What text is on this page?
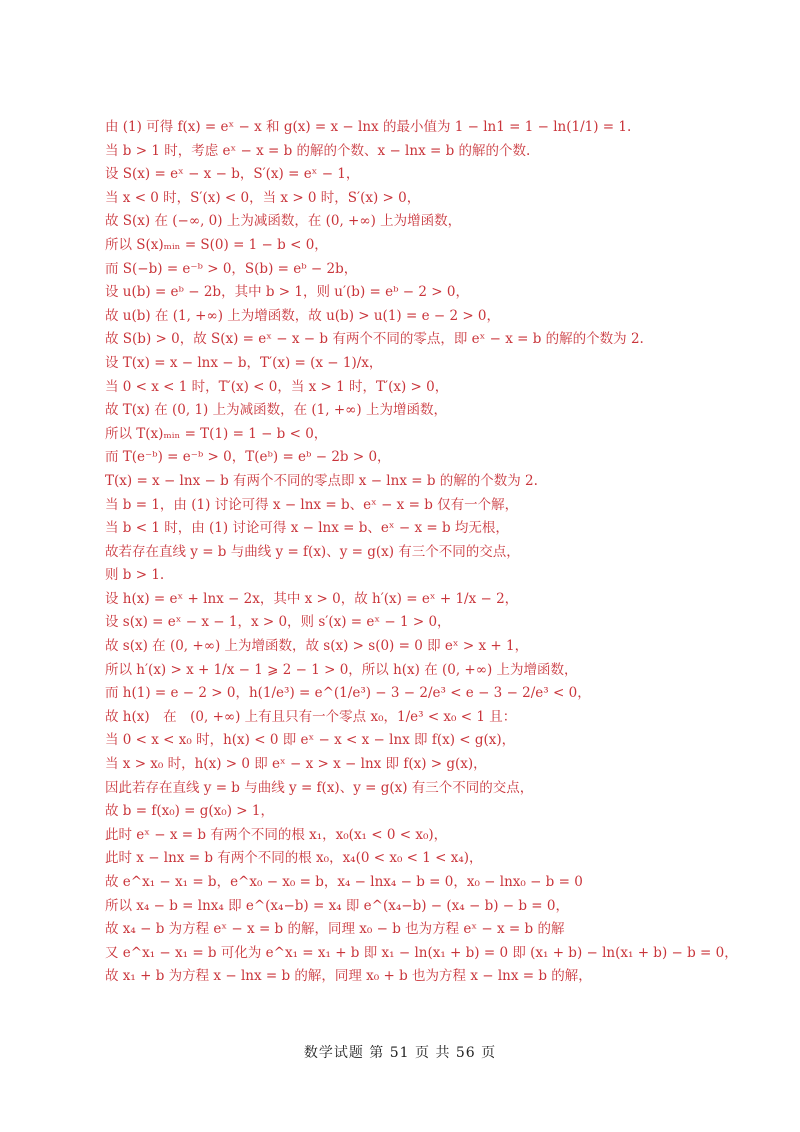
由 (1) 可得 f(x) = eˣ − x 和 g(x) = x − lnx 的最小值为 1 − ln1 = 1 − ln(1/1) = 1.
当 b > 1 时，考虑 eˣ − x = b 的解的个数、x − lnx = b 的解的个数.
设 S(x) = eˣ − x − b，S′(x) = eˣ − 1，
当 x < 0 时，S′(x) < 0，当 x > 0 时，S′(x) > 0，
故 S(x) 在 (−∞, 0) 上为减函数，在 (0, +∞) 上为增函数，
所以 S(x)ₘᵢₙ = S(0) = 1 − b < 0，
而 S(−b) = e⁻ᵇ > 0，S(b) = eᵇ − 2b，
设 u(b) = eᵇ − 2b，其中 b > 1，则 u′(b) = eᵇ − 2 > 0，
故 u(b) 在 (1, +∞) 上为增函数，故 u(b) > u(1) = e − 2 > 0，
故 S(b) > 0，故 S(x) = eˣ − x − b 有两个不同的零点，即 eˣ − x = b 的解的个数为 2.
设 T(x) = x − lnx − b，T′(x) = (x − 1)/x，
当 0 < x < 1 时，T′(x) < 0，当 x > 1 时，T′(x) > 0，
故 T(x) 在 (0, 1) 上为减函数，在 (1, +∞) 上为增函数，
所以 T(x)ₘᵢₙ = T(1) = 1 − b < 0，
而 T(e⁻ᵇ) = e⁻ᵇ > 0，T(eᵇ) = eᵇ − 2b > 0，
T(x) = x − lnx − b 有两个不同的零点即 x − lnx = b 的解的个数为 2.
当 b = 1，由 (1) 讨论可得 x − lnx = b、eˣ − x = b 仅有一个解，
当 b < 1 时，由 (1) 讨论可得 x − lnx = b、eˣ − x = b 均无根，
故若存在直线 y = b 与曲线 y = f(x)、y = g(x) 有三个不同的交点，
则 b > 1.
设 h(x) = eˣ + lnx − 2x，其中 x > 0，故 h′(x) = eˣ + 1/x − 2，
设 s(x) = eˣ − x − 1，x > 0，则 s′(x) = eˣ − 1 > 0，
故 s(x) 在 (0, +∞) 上为增函数，故 s(x) > s(0) = 0 即 eˣ > x + 1，
所以 h′(x) > x + 1/x − 1 ⩾ 2 − 1 > 0，所以 h(x) 在 (0, +∞) 上为增函数，
而 h(1) = e − 2 > 0，h(1/e³) = e^(1/e³) − 3 − 2/e³ < e − 3 − 2/e³ < 0，
故 h(x)　在　(0, +∞) 上有且只有一个零点 x₀，1/e³ < x₀ < 1 且：
当 0 < x < x₀ 时，h(x) < 0 即 eˣ − x < x − lnx 即 f(x) < g(x)，
当 x > x₀ 时，h(x) > 0 即 eˣ − x > x − lnx 即 f(x) > g(x)，
因此若存在直线 y = b 与曲线 y = f(x)、y = g(x) 有三个不同的交点，
故 b = f(x₀) = g(x₀) > 1，
此时 eˣ − x = b 有两个不同的根 x₁，x₀(x₁ < 0 < x₀)，
此时 x − lnx = b 有两个不同的根 x₀，x₄(0 < x₀ < 1 < x₄)，
故 e^x₁ − x₁ = b，e^x₀ − x₀ = b，x₄ − lnx₄ − b = 0，x₀ − lnx₀ − b = 0
所以 x₄ − b = lnx₄ 即 e^(x₄−b) = x₄ 即 e^(x₄−b) − (x₄ − b) − b = 0，
故 x₄ − b 为方程 eˣ − x = b 的解，同理 x₀ − b 也为方程 eˣ − x = b 的解
又 e^x₁ − x₁ = b 可化为 e^x₁ = x₁ + b 即 x₁ − ln(x₁ + b) = 0 即 (x₁ + b) − ln(x₁ + b) − b = 0，
故 x₁ + b 为方程 x − lnx = b 的解，同理 x₀ + b 也为方程 x − lnx = b 的解，
数学试题 第 51 页 共 56 页
